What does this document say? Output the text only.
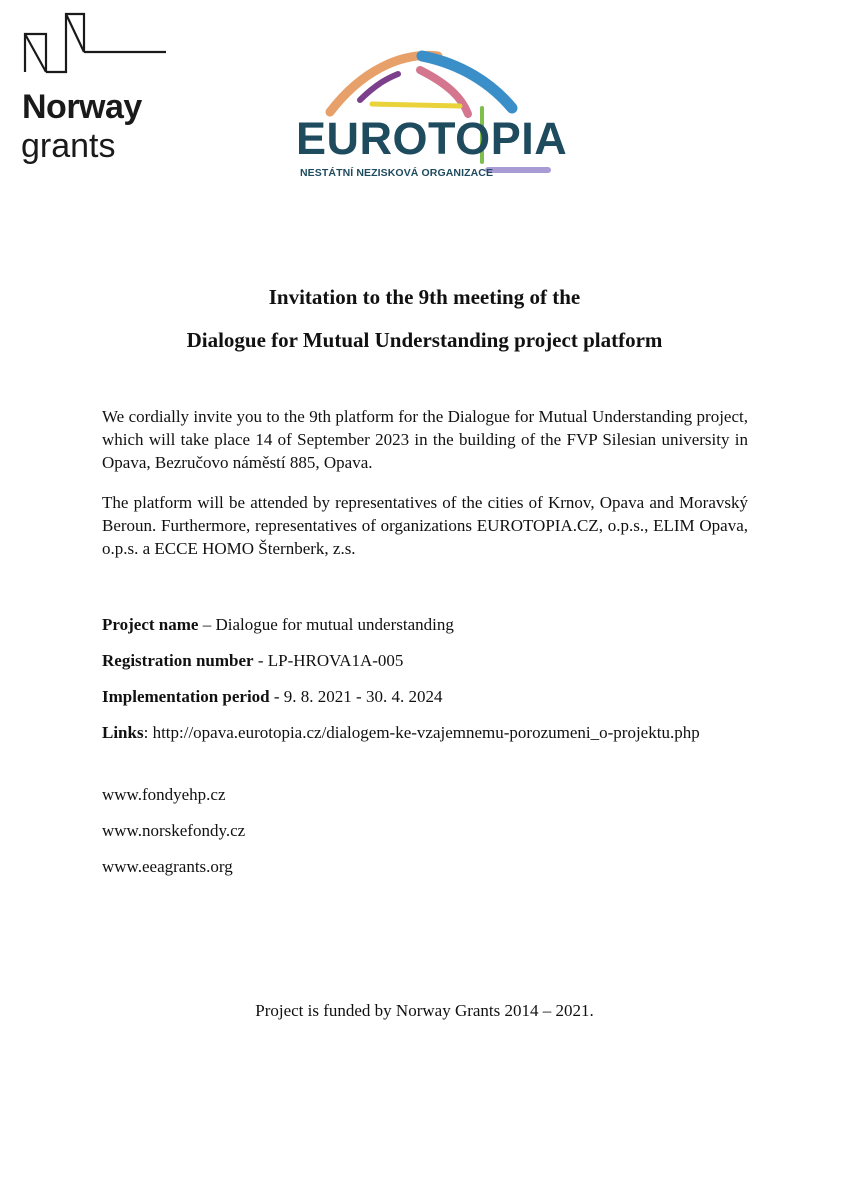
Norway
grants	EUROTOPIA
NESTÁTNÍ NEZISKOVÁ ORGANIZACE
Invitation to the 9th meeting of the
Dialogue for Mutual Understanding project platform

We cordially invite you to the 9th platform for the Dialogue for Mutual Understanding project, which will take place 14 of September 2023 in the building of the FVP Silesian university in Opava, Bezručovo náměstí 885, Opava.

The platform will be attended by representatives of the cities of Krnov, Opava and Moravský Beroun. Furthermore, representatives of organizations EUROTOPIA.CZ, o.p.s., ELIM Opava, o.p.s. a ECCE HOMO Šternberk, z.s.

Project name – Dialogue for mutual understanding

Registration number - LP-HROVA1A-005

Implementation period - 9. 8. 2021 - 30. 4. 2024

Links: http://opava.eurotopia.cz/dialogem-ke-vzajemnemu-porozumeni_o-projektu.php

www.fondyehp.cz

www.norskefondy.cz

www.eeagrants.org

Project is funded by Norway Grants 2014 – 2021.
